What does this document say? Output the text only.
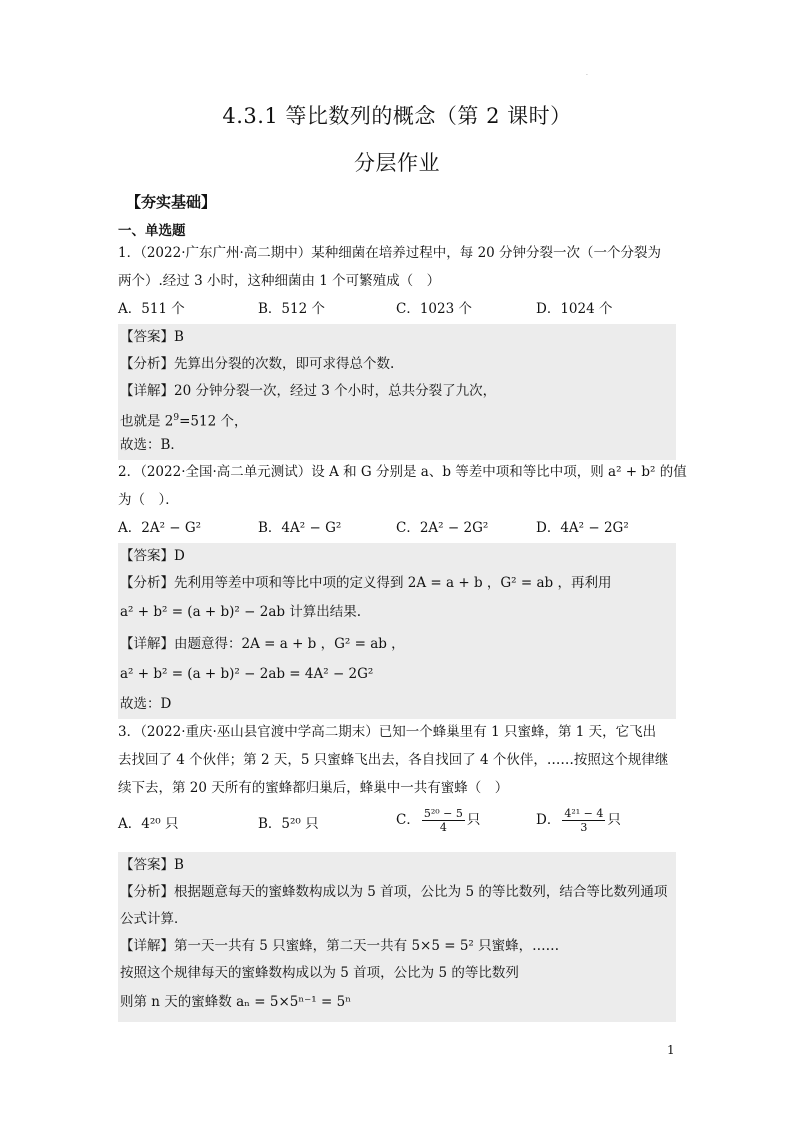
·
4.3.1 等比数列的概念（第 2 课时）
分层作业
【夯实基础】
一、单选题
1．（2022·广东广州·高二期中）某种细菌在培养过程中，每 20 分钟分裂一次（一个分裂为
两个）.经过 3 小时，这种细菌由 1 个可繁殖成（　）
A．511 个	B．512 个	C．1023 个	D．1024 个
【答案】B
【分析】先算出分裂的次数，即可求得总个数.
【详解】20 分钟分裂一次，经过 3 个小时，总共分裂了九次，
也就是 $2^9=512$ 个，
故选：B．
2．（2022·全国·高二单元测试）设 A 和 G 分别是 a、b 等差中项和等比中项，则 a² + b² 的值
为（　）．
A．2A² − G²	B．4A² − G²	C．2A² − 2G²	D．4A² − 2G²
【答案】D
【分析】先利用等差中项和等比中项的定义得到 2A = a + b ，G² = ab ，再利用
a² + b² = (a + b)² − 2ab 计算出结果.
【详解】由题意得：2A = a + b ，G² = ab ，
a² + b² = (a + b)² − 2ab = 4A² − 2G²
故选：D
3．（2022·重庆·巫山县官渡中学高二期末）已知一个蜂巢里有 1 只蜜蜂，第 1 天，它飞出
去找回了 4 个伙伴；第 2 天，5 只蜜蜂飞出去，各自找回了 4 个伙伴，……按照这个规律继
续下去，第 20 天所有的蜜蜂都归巢后，蜂巢中一共有蜜蜂（　）
A．4²⁰ 只	B．5²⁰ 只	C． $\frac{\text{5²⁰ − 5}}{4}$ 只	D． $\frac{\text{4²¹ − 4}}{3}$ 只
【答案】B
【分析】根据题意每天的蜜蜂数构成以为 5 首项，公比为 5 的等比数列，结合等比数列通项
公式计算．
【详解】第一天一共有 5 只蜜蜂，第二天一共有 5×5 = 5² 只蜜蜂，……
按照这个规律每天的蜜蜂数构成以为 5 首项，公比为 5 的等比数列
则第 n 天的蜜蜂数 aₙ = 5×5ⁿ⁻¹ = 5ⁿ
1
